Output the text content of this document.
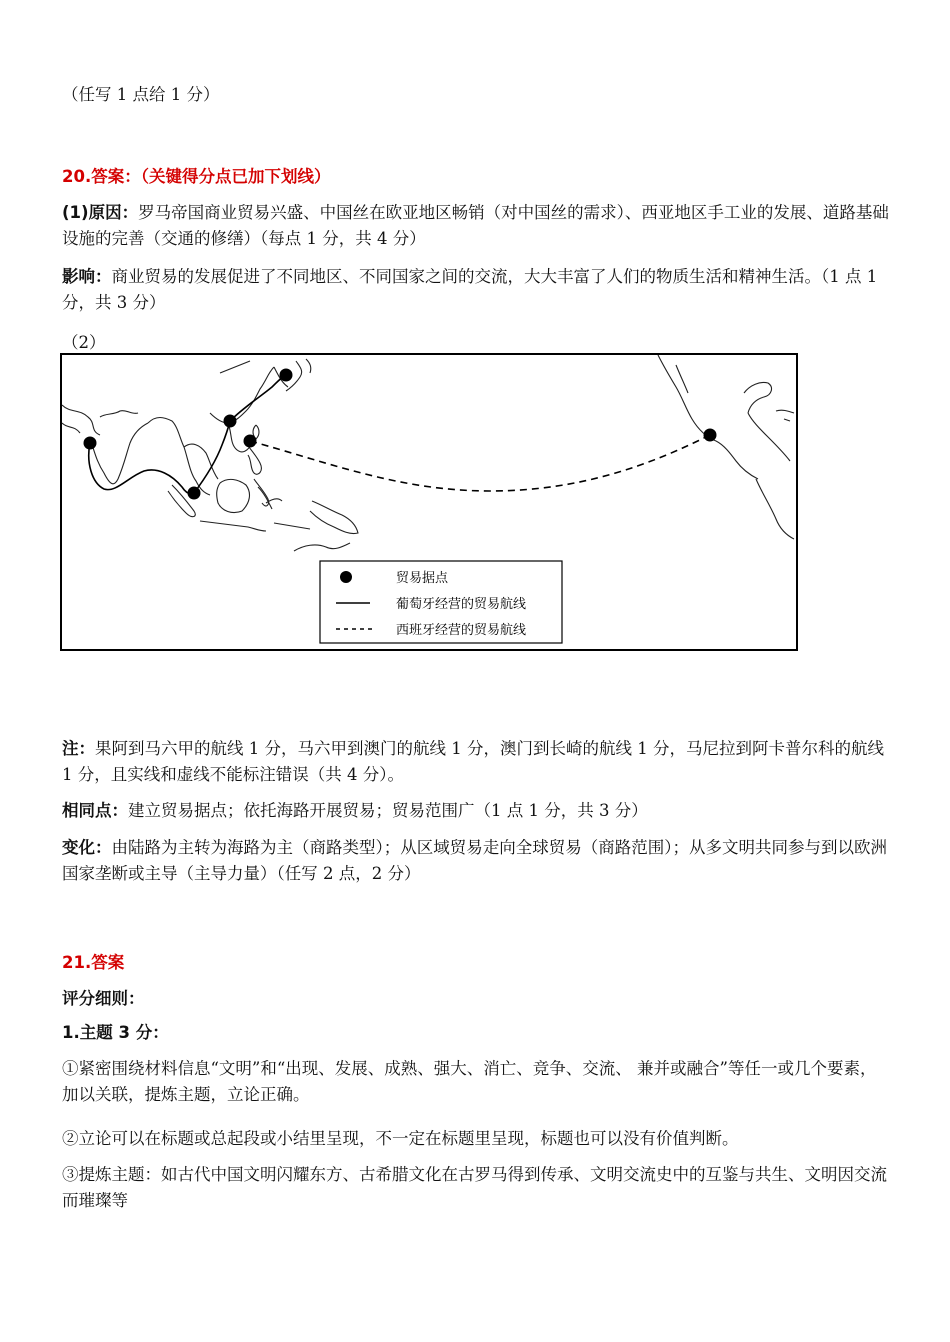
（任写 1 点给 1 分）
20.答案：（关键得分点已加下划线）
(1)原因：罗马帝国商业贸易兴盛、中国丝在欧亚地区畅销（对中国丝的需求）、西亚地区手工业的发展、道路基础设施的完善（交通的修缮）（每点 1 分，共 4 分）
影响：商业贸易的发展促进了不同地区、不同国家之间的交流，大大丰富了人们的物质生活和精神生活。（1 点 1 分，共 3 分）
（2）
贸易据点
葡萄牙经营的贸易航线
西班牙经营的贸易航线
注：果阿到马六甲的航线 1 分，马六甲到澳门的航线 1 分，澳门到长崎的航线 1 分，马尼拉到阿卡普尔科的航线 1 分，且实线和虚线不能标注错误（共 4 分）。
相同点：建立贸易据点；依托海路开展贸易；贸易范围广（1 点 1 分，共 3 分）
变化：由陆路为主转为海路为主（商路类型）；从区域贸易走向全球贸易（商路范围）；从多文明共同参与到以欧洲国家垄断或主导（主导力量）（任写 2 点，2 分）
21.答案
评分细则：
1.主题 3 分：
①紧密围绕材料信息“文明”和“出现、发展、成熟、强大、消亡、竞争、交流、 兼并或融合”等任一或几个要素，加以关联，提炼主题，立论正确。
②立论可以在标题或总起段或小结里呈现，不一定在标题里呈现，标题也可以没有价值判断。
③提炼主题：如古代中国文明闪耀东方、古希腊文化在古罗马得到传承、文明交流史中的互鉴与共生、文明因交流而璀璨等
